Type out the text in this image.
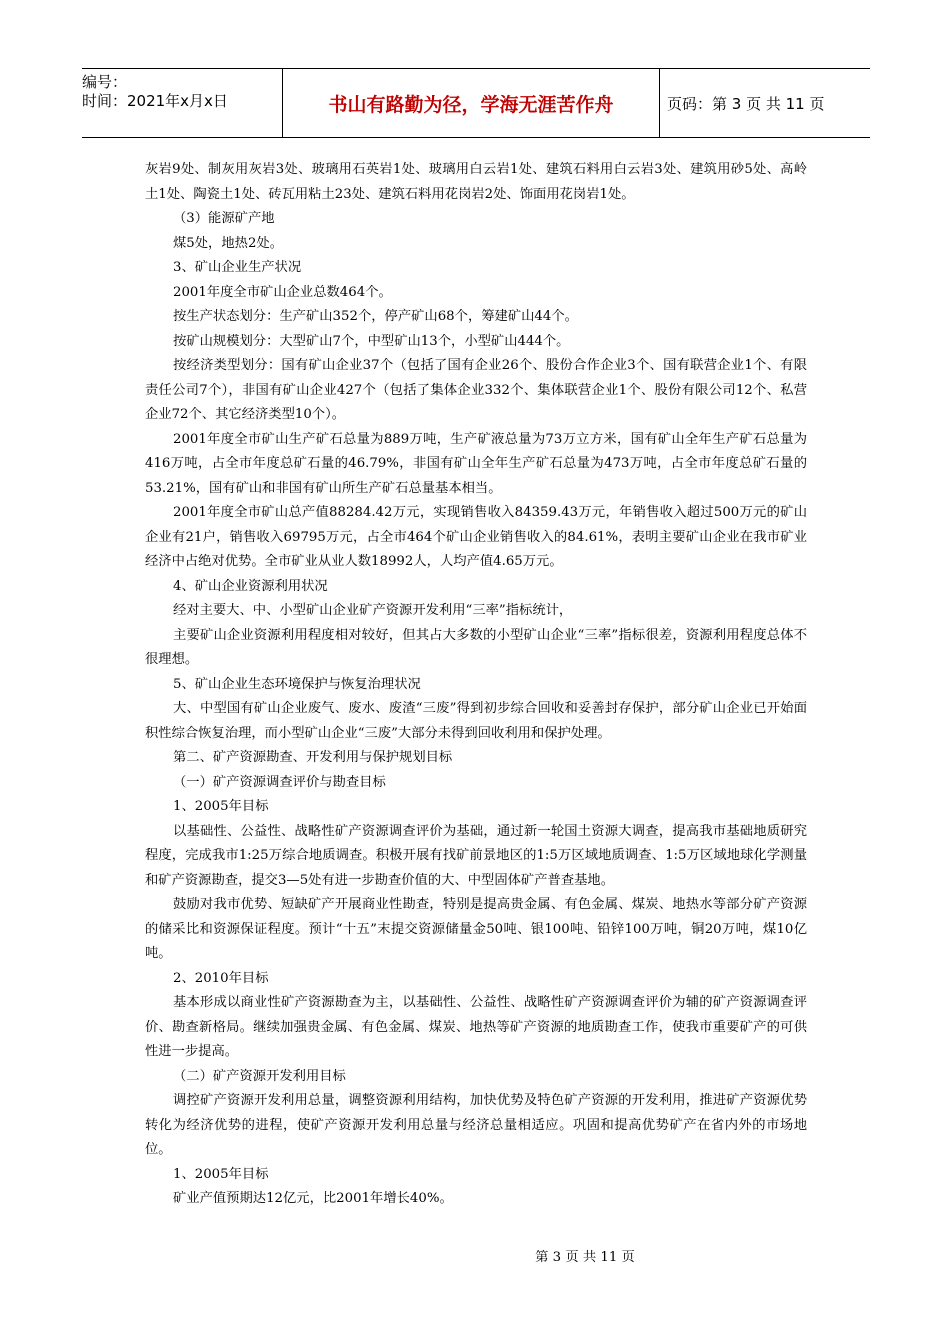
编号：
时间：2021年x月x日	书山有路勤为径，学海无涯苦作舟	页码：第 3 页 共 11 页

灰岩9处、制灰用灰岩3处、玻璃用石英岩1处、玻璃用白云岩1处、建筑石料用白云岩3处、建筑用砂5处、高岭土1处、陶瓷土1处、砖瓦用粘土23处、建筑石料用花岗岩2处、饰面用花岗岩1处。

（3）能源矿产地

煤5处，地热2处。

3、矿山企业生产状况

2001年度全市矿山企业总数464个。

按生产状态划分：生产矿山352个，停产矿山68个，筹建矿山44个。

按矿山规模划分：大型矿山7个，中型矿山13个，小型矿山444个。

按经济类型划分：国有矿山企业37个（包括了国有企业26个、股份合作企业3个、国有联营企业1个、有限责任公司7个），非国有矿山企业427个（包括了集体企业332个、集体联营企业1个、股份有限公司12个、私营企业72个、其它经济类型10个）。

2001年度全市矿山生产矿石总量为889万吨，生产矿液总量为73万立方米，国有矿山全年生产矿石总量为416万吨，占全市年度总矿石量的46.79%，非国有矿山全年生产矿石总量为473万吨，占全市年度总矿石量的53.21%，国有矿山和非国有矿山所生产矿石总量基本相当。

2001年度全市矿山总产值88284.42万元，实现销售收入84359.43万元，年销售收入超过500万元的矿山企业有21户，销售收入69795万元，占全市464个矿山企业销售收入的84.61%，表明主要矿山企业在我市矿业经济中占绝对优势。全市矿业从业人数18992人，人均产值4.65万元。

4、矿山企业资源利用状况

经对主要大、中、小型矿山企业矿产资源开发利用“三率”指标统计，

主要矿山企业资源利用程度相对较好，但其占大多数的小型矿山企业“三率”指标很差，资源利用程度总体不很理想。

5、矿山企业生态环境保护与恢复治理状况

大、中型国有矿山企业废气、废水、废渣“三废”得到初步综合回收和妥善封存保护，部分矿山企业已开始面积性综合恢复治理，而小型矿山企业“三废”大部分未得到回收利用和保护处理。

第二、矿产资源勘查、开发利用与保护规划目标

（一）矿产资源调查评价与勘查目标

1、2005年目标

以基础性、公益性、战略性矿产资源调查评价为基础，通过新一轮国土资源大调查，提高我市基础地质研究程度，完成我市1:25万综合地质调查。积极开展有找矿前景地区的1:5万区域地质调查、1:5万区域地球化学测量和矿产资源勘查，提交3—5处有进一步勘查价值的大、中型固体矿产普查基地。

鼓励对我市优势、短缺矿产开展商业性勘查，特别是提高贵金属、有色金属、煤炭、地热水等部分矿产资源的储采比和资源保证程度。预计“十五”末提交资源储量金50吨、银100吨、铅锌100万吨，铜20万吨，煤10亿吨。

2、2010年目标

基本形成以商业性矿产资源勘查为主，以基础性、公益性、战略性矿产资源调查评价为辅的矿产资源调查评价、勘查新格局。继续加强贵金属、有色金属、煤炭、地热等矿产资源的地质勘查工作，使我市重要矿产的可供性进一步提高。

（二）矿产资源开发利用目标

调控矿产资源开发利用总量，调整资源利用结构，加快优势及特色矿产资源的开发利用，推进矿产资源优势转化为经济优势的进程，使矿产资源开发利用总量与经济总量相适应。巩固和提高优势矿产在省内外的市场地位。

1、2005年目标

矿业产值预期达12亿元，比2001年增长40%。

第 3 页 共 11 页
